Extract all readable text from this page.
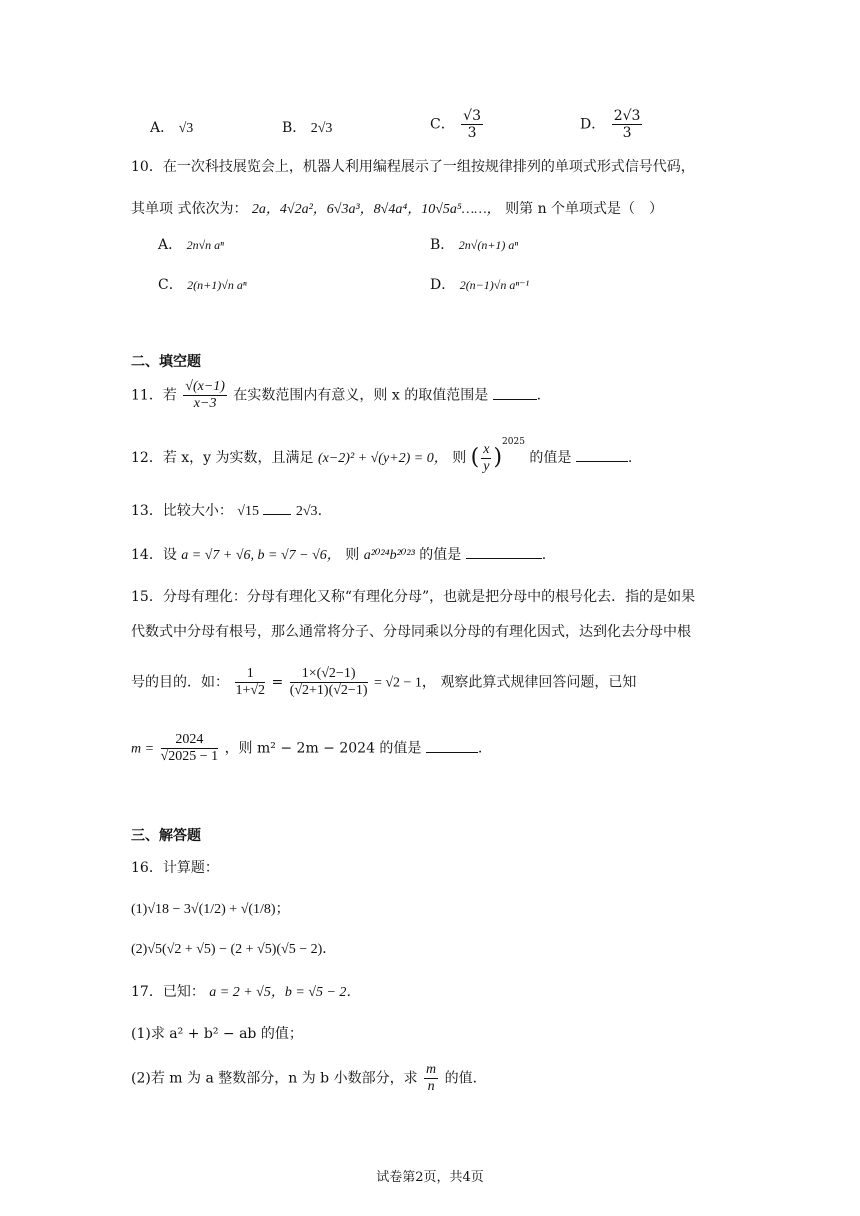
A． √3	B． 2√3	C． $\frac{√3}{3}$	D． $\frac{2√3}{3}$
10．在一次科技展览会上，机器人利用编程展示了一组按规律排列的单项式形式信号代码，
其单项 式依次为： 2a，4√2a²，6√3a³，8√4a⁴，10√5a⁵……， 则第 n 个单项式是（　）
A． 2n√n aⁿ	B． 2n√(n+1) aⁿ
C． 2(n+1)√n aⁿ	D． 2(n−1)√n aⁿ⁻¹
二、填空题
11．若 $\frac{√(x-1)}{x-3}$ 在实数范围内有意义，则 x 的取值范围是	.
12．若 x，y 为实数，且满足 (x−2)² + √(y+2) = 0， 则 ( $\frac{x}{y} )^{2025}$ 的值是	.
13．比较大小： √15	2√3.
14．设 a = √7 + √6, b = √7 − √6， 则 a²⁰²⁴b²⁰²³ 的值是	.
15．分母有理化：分母有理化又称“有理化分母”，也就是把分母中的根号化去．指的是如果
代数式中分母有根号，那么通常将分子、分母同乘以分母的有理化因式，达到化去分母中根
号的目的．如： $\frac{1}{1+√2} = \frac{1\times(√2-1)}{(√2+1)(√2-1)} = √2 - 1$， 观察此算式规律回答问题，已知
$m = \frac{2024}{√2025 - 1}$ ，则 m² − 2m − 2024 的值是	.
三、解答题
16．计算题：
(1)√18 − 3√(1/2) + √(1/8)；
(2)√5(√2 + √5) − (2 + √5)(√5 − 2)．
17．已知： a = 2 + √5，b = √5 − 2．
(1)求 a² + b² − ab 的值；
(2)若 m 为 a 整数部分，n 为 b 小数部分，求 $\frac{m}{n}$ 的值．
试卷第2页，共4页
